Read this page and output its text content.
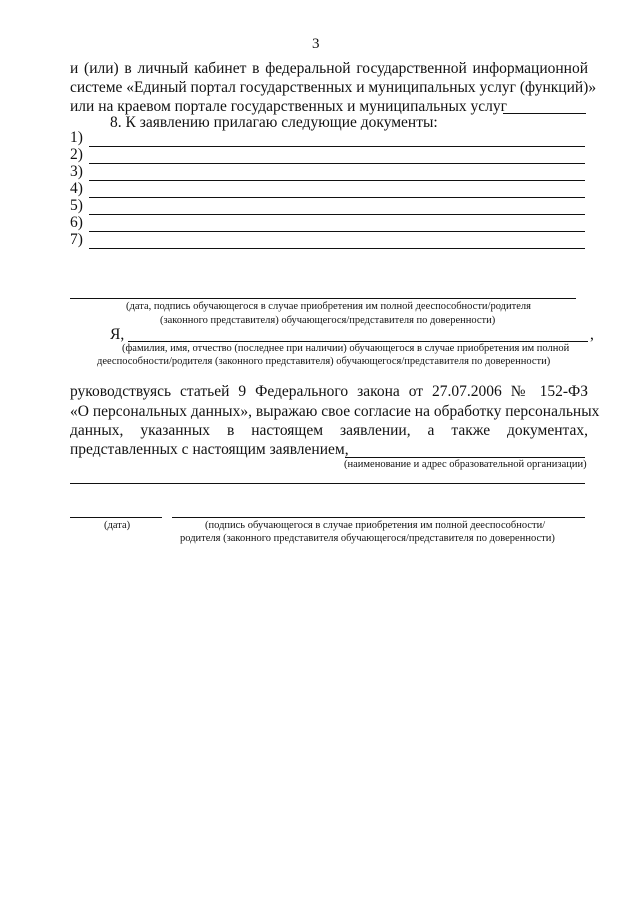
3
и (или) в личный кабинет в федеральной государственной информационной
системе «Единый портал государственных и муниципальных услуг (функций)»
или на краевом портале государственных и муниципальных услуг
8. К заявлению прилагаю следующие документы:
1)
2)
3)
4)
5)
6)
7)
(дата, подпись обучающегося в случае приобретения им полной дееспособности/родителя
(законного представителя) обучающегося/представителя по доверенности)
Я,	,
(фамилия, имя, отчество (последнее при наличии) обучающегося в случае приобретения им полной
дееспособности/родителя (законного представителя) обучающегося/представителя по доверенности)
руководствуясь статьей 9 Федерального закона от 27.07.2006 № 152-ФЗ
«О персональных данных», выражаю свое согласие на обработку персональных
данных, указанных в настоящем заявлении, а также документах,
представленных с настоящим заявлением,
(наименование и адрес образовательной организации)
(дата)	(подпись обучающегося в случае приобретения им полной дееспособности/
родителя (законного представителя обучающегося/представителя по доверенности)
